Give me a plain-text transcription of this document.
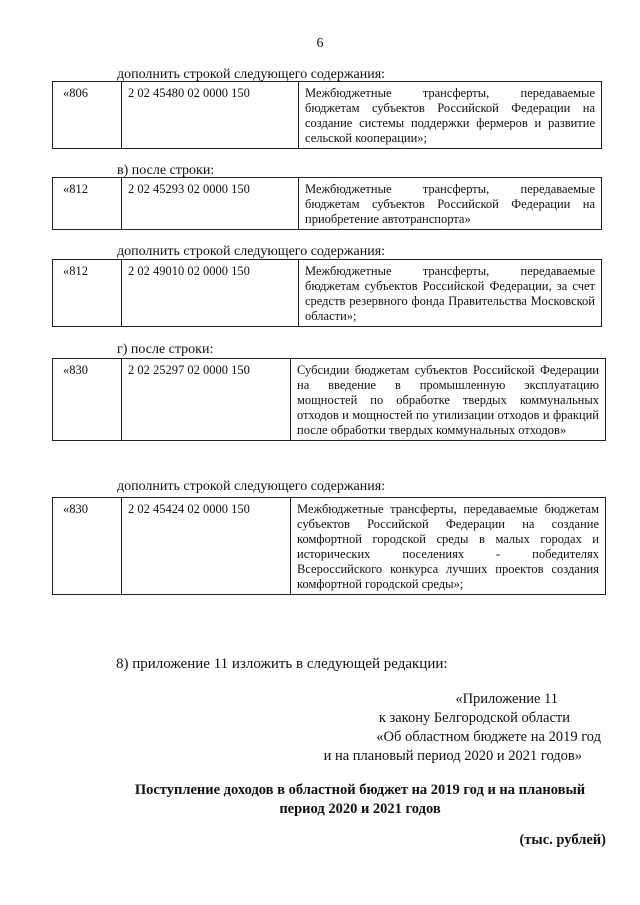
6
дополнить строкой следующего содержания:
«806	2 02 45480 02 0000 150	Межбюджетные трансферты, передаваемые бюджетам субъектов Российской Федерации на создание системы поддержки фермеров и развитие сельской кооперации»;
в) после строки:
«812	2 02 45293 02 0000 150	Межбюджетные трансферты, передаваемые бюджетам субъектов Российской Федерации на приобретение автотранспорта»
дополнить строкой следующего содержания:
«812	2 02 49010 02 0000 150	Межбюджетные трансферты, передаваемые бюджетам субъектов Российской Федерации, за счет средств резервного фонда Правительства Московской области»;
г) после строки:
«830	2 02 25297 02 0000 150	Субсидии бюджетам субъектов Российской Федерации на введение в промышленную эксплуатацию мощностей по обработке твердых коммунальных отходов и мощностей по утилизации отходов и фракций после обработки твердых коммунальных отходов»
дополнить строкой следующего содержания:
«830	2 02 45424 02 0000 150	Межбюджетные трансферты, передаваемые бюджетам субъектов Российской Федерации на создание комфортной городской среды в малых городах и исторических поселениях - победителях Всероссийского конкурса лучших проектов создания комфортной городской среды»;
8) приложение 11 изложить в следующей редакции:
«Приложение 11
к закону Белгородской области
«Об областном бюджете на 2019 год
и на плановый период 2020 и 2021 годов»
Поступление доходов в областной бюджет на 2019 год и на плановый
период 2020 и 2021 годов
(тыс. рублей)
